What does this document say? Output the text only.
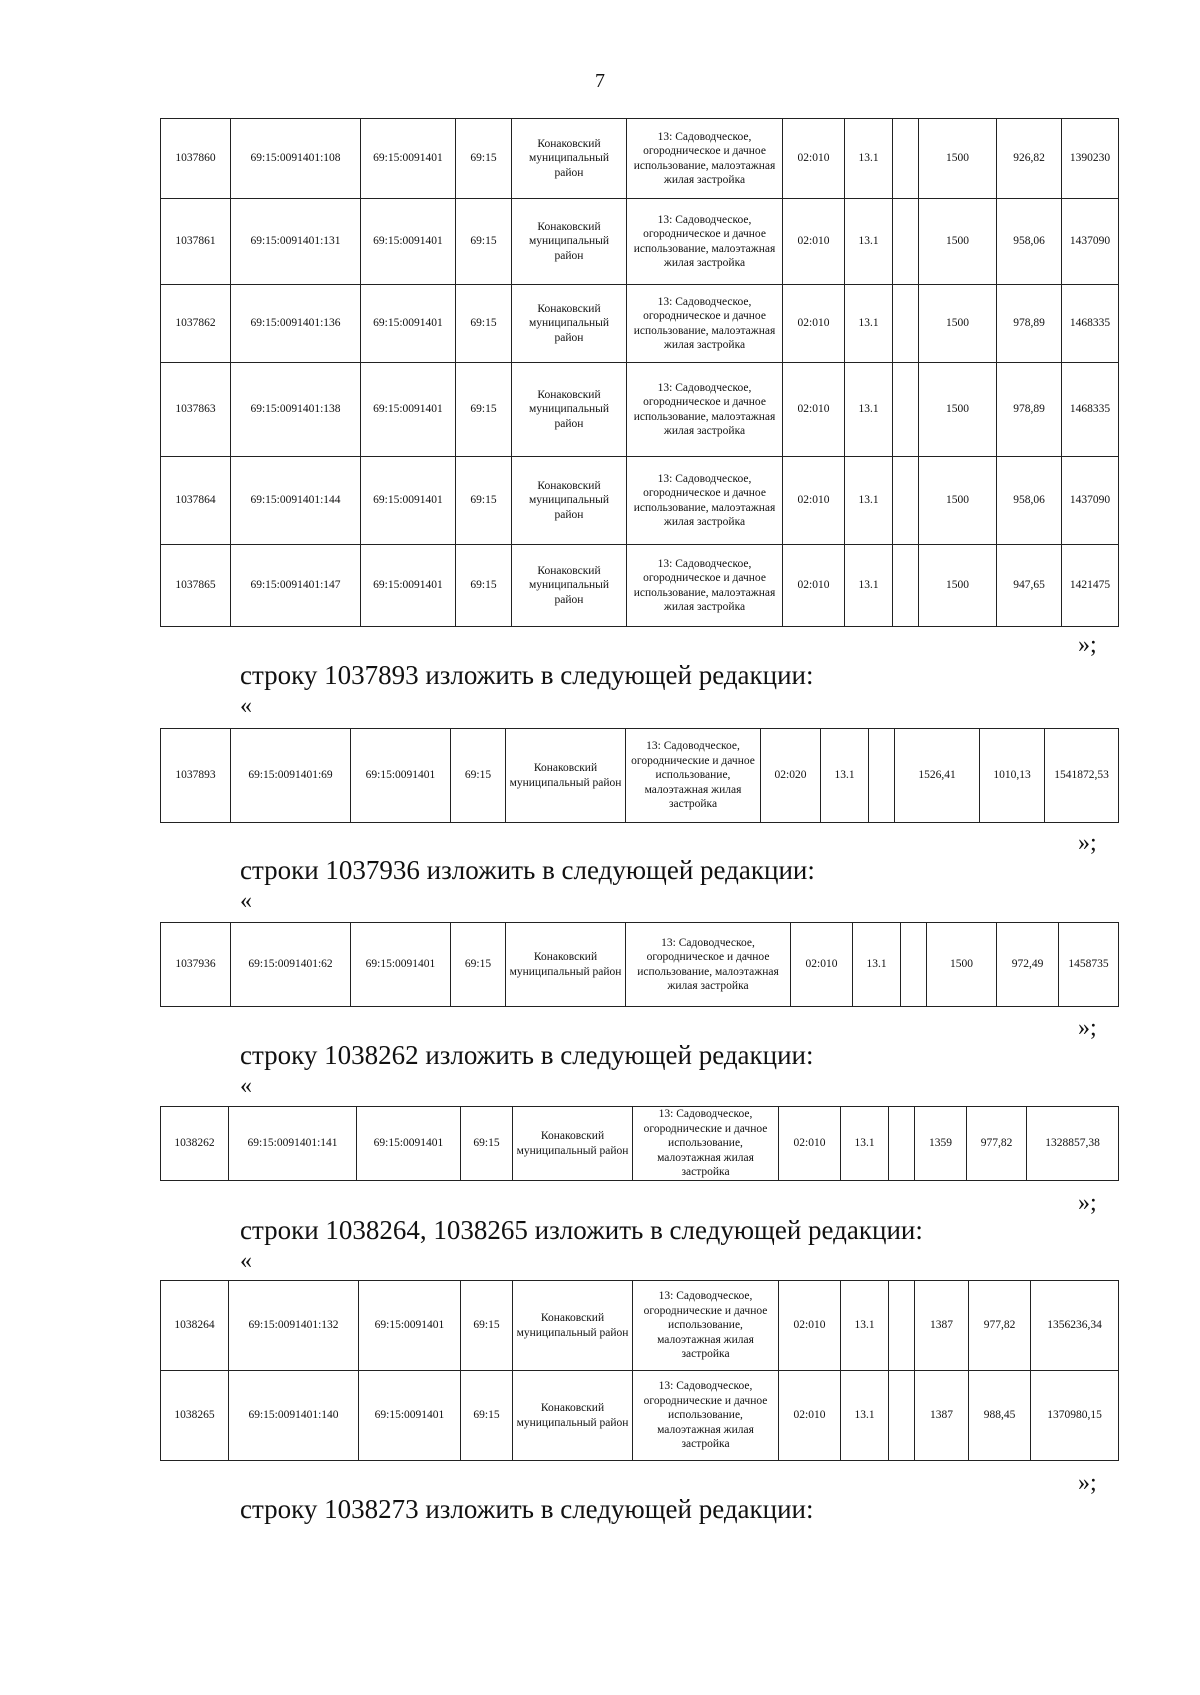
7
1037860	69:15:0091401:108	69:15:0091401	69:15	Конаковский муниципальный район	13: Садоводческое, огородническое и дачное использование, малоэтажная жилая застройка	02:010	13.1		1500	926,82	1390230
1037861	69:15:0091401:131	69:15:0091401	69:15	Конаковский муниципальный район	13: Садоводческое, огородническое и дачное использование, малоэтажная жилая застройка	02:010	13.1		1500	958,06	1437090
1037862	69:15:0091401:136	69:15:0091401	69:15	Конаковский муниципальный район	13: Садоводческое, огородническое и дачное использование, малоэтажная жилая застройка	02:010	13.1		1500	978,89	1468335
1037863	69:15:0091401:138	69:15:0091401	69:15	Конаковский муниципальный район	13: Садоводческое, огородническое и дачное использование, малоэтажная жилая застройка	02:010	13.1		1500	978,89	1468335
1037864	69:15:0091401:144	69:15:0091401	69:15	Конаковский муниципальный район	13: Садоводческое, огородническое и дачное использование, малоэтажная жилая застройка	02:010	13.1		1500	958,06	1437090
1037865	69:15:0091401:147	69:15:0091401	69:15	Конаковский муниципальный район	13: Садоводческое, огородническое и дачное использование, малоэтажная жилая застройка	02:010	13.1		1500	947,65	1421475
»;
строку 1037893 изложить в следующей редакции:
«
1037893	69:15:0091401:69	69:15:0091401	69:15	Конаковский муниципальный район	13: Садоводческое, огороднические и дачное использование, малоэтажная жилая застройка	02:020	13.1		1526,41	1010,13	1541872,53
»;
строки 1037936 изложить в следующей редакции:
«
1037936	69:15:0091401:62	69:15:0091401	69:15	Конаковский муниципальный район	13: Садоводческое, огородническое и дачное использование, малоэтажная жилая застройка	02:010	13.1		1500	972,49	1458735
»;
строку 1038262 изложить в следующей редакции:
«
1038262	69:15:0091401:141	69:15:0091401	69:15	Конаковский муниципальный район	13: Садоводческое, огороднические и дачное использование, малоэтажная жилая застройка	02:010	13.1		1359	977,82	1328857,38
»;
строки 1038264, 1038265 изложить в следующей редакции:
«
1038264	69:15:0091401:132	69:15:0091401	69:15	Конаковский муниципальный район	13: Садоводческое, огороднические и дачное использование, малоэтажная жилая застройка	02:010	13.1		1387	977,82	1356236,34
1038265	69:15:0091401:140	69:15:0091401	69:15	Конаковский муниципальный район	13: Садоводческое, огороднические и дачное использование, малоэтажная жилая застройка	02:010	13.1		1387	988,45	1370980,15
»;
строку 1038273 изложить в следующей редакции:
